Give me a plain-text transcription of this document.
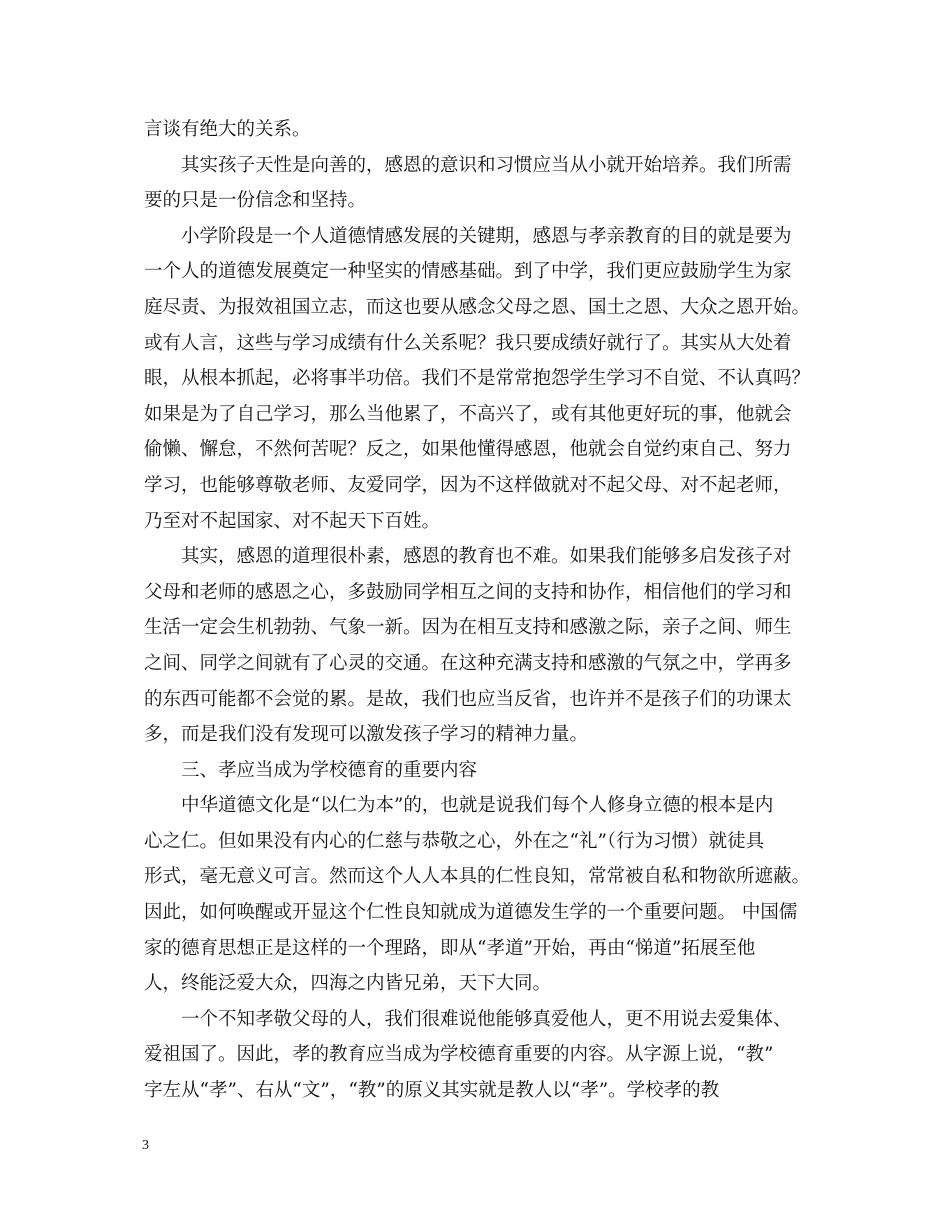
言谈有绝大的关系。
其实孩子天性是向善的，感恩的意识和习惯应当从小就开始培养。我们所需
要的只是一份信念和坚持。
小学阶段是一个人道德情感发展的关键期，感恩与孝亲教育的目的就是要为
一个人的道德发展奠定一种坚实的情感基础。到了中学，我们更应鼓励学生为家
庭尽责、为报效祖国立志，而这也要从感念父母之恩、国土之恩、大众之恩开始。
或有人言，这些与学习成绩有什么关系呢？我只要成绩好就行了。其实从大处着
眼，从根本抓起，必将事半功倍。我们不是常常抱怨学生学习不自觉、不认真吗？
如果是为了自己学习，那么当他累了，不高兴了，或有其他更好玩的事，他就会
偷懒、懈怠，不然何苦呢？反之，如果他懂得感恩，他就会自觉约束自己、努力
学习，也能够尊敬老师、友爱同学，因为不这样做就对不起父母、对不起老师，
乃至对不起国家、对不起天下百姓。
其实，感恩的道理很朴素，感恩的教育也不难。如果我们能够多启发孩子对
父母和老师的感恩之心，多鼓励同学相互之间的支持和协作，相信他们的学习和
生活一定会生机勃勃、气象一新。因为在相互支持和感激之际，亲子之间、师生
之间、同学之间就有了心灵的交通。在这种充满支持和感激的气氛之中，学再多
的东西可能都不会觉的累。是故，我们也应当反省，也许并不是孩子们的功课太
多，而是我们没有发现可以激发孩子学习的精神力量。
三、孝应当成为学校德育的重要内容
中华道德文化是“以仁为本”的，也就是说我们每个人修身立德的根本是内
心之仁。但如果没有内心的仁慈与恭敬之心，外在之“礼”（行为习惯）就徒具
形式，毫无意义可言。然而这个人人本具的仁性良知，常常被自私和物欲所遮蔽。
因此，如何唤醒或开显这个仁性良知就成为道德发生学的一个重要问题。 中国儒
家的德育思想正是这样的一个理路，即从“孝道”开始，再由“悌道”拓展至他
人，终能泛爱大众，四海之内皆兄弟，天下大同。
一个不知孝敬父母的人，我们很难说他能够真爱他人，更不用说去爱集体、
爱祖国了。因此，孝的教育应当成为学校德育重要的内容。从字源上说，“教”
字左从“孝”、右从“文”，“教”的原义其实就是教人以“孝”。学校孝的教
3
